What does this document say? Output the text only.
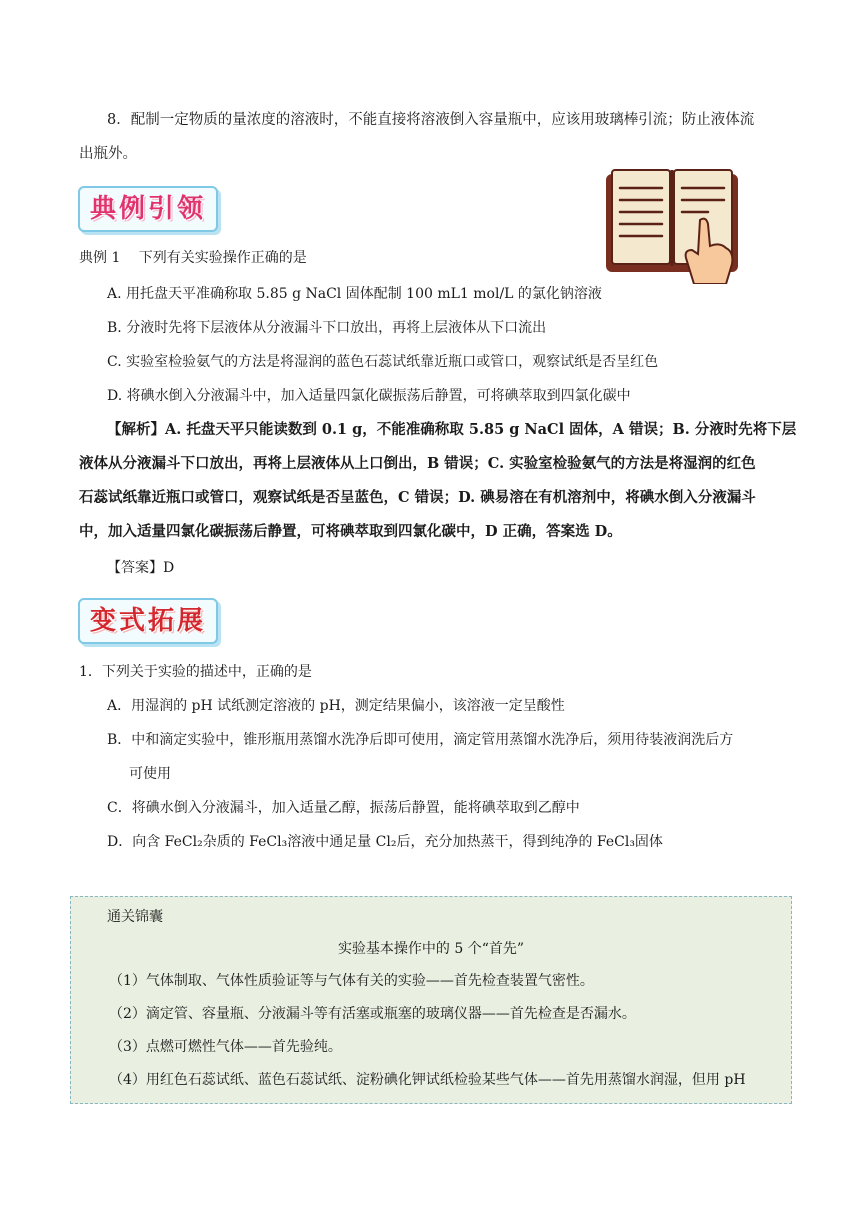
8．配制一定物质的量浓度的溶液时，不能直接将溶液倒入容量瓶中，应该用玻璃棒引流；防止液体流
出瓶外。
典例引领
典例 1　 下列有关实验操作正确的是
A. 用托盘天平准确称取 5.85 g NaCl 固体配制 100 mL1 mol/L 的氯化钠溶液
B. 分液时先将下层液体从分液漏斗下口放出，再将上层液体从下口流出
C. 实验室检验氨气的方法是将湿润的蓝色石蕊试纸靠近瓶口或管口，观察试纸是否呈红色
D. 将碘水倒入分液漏斗中，加入适量四氯化碳振荡后静置，可将碘萃取到四氯化碳中
【解析】A. 托盘天平只能读数到 0.1 g，不能准确称取 5.85 g NaCl 固体，A 错误；B. 分液时先将下层
液体从分液漏斗下口放出，再将上层液体从上口倒出，B 错误；C. 实验室检验氨气的方法是将湿润的红色
石蕊试纸靠近瓶口或管口，观察试纸是否呈蓝色，C 错误；D. 碘易溶在有机溶剂中，将碘水倒入分液漏斗
中，加入适量四氯化碳振荡后静置，可将碘萃取到四氯化碳中，D 正确，答案选 D。
【答案】D
变式拓展
1．下列关于实验的描述中，正确的是
A．用湿润的 pH 试纸测定溶液的 pH，测定结果偏小，该溶液一定呈酸性
B．中和滴定实验中，锥形瓶用蒸馏水洗净后即可使用，滴定管用蒸馏水洗净后，须用待装液润洗后方
可使用
C．将碘水倒入分液漏斗，加入适量乙醇，振荡后静置，能将碘萃取到乙醇中
D．向含 FeCl₂杂质的 FeCl₃溶液中通足量 Cl₂后，充分加热蒸干，得到纯净的 FeCl₃固体
通关锦囊
实验基本操作中的 5 个“首先”
（1）气体制取、气体性质验证等与气体有关的实验——首先检查装置气密性。
（2）滴定管、容量瓶、分液漏斗等有活塞或瓶塞的玻璃仪器——首先检查是否漏水。
（3）点燃可燃性气体——首先验纯。
（4）用红色石蕊试纸、蓝色石蕊试纸、淀粉碘化钾试纸检验某些气体——首先用蒸馏水润湿，但用 pH
